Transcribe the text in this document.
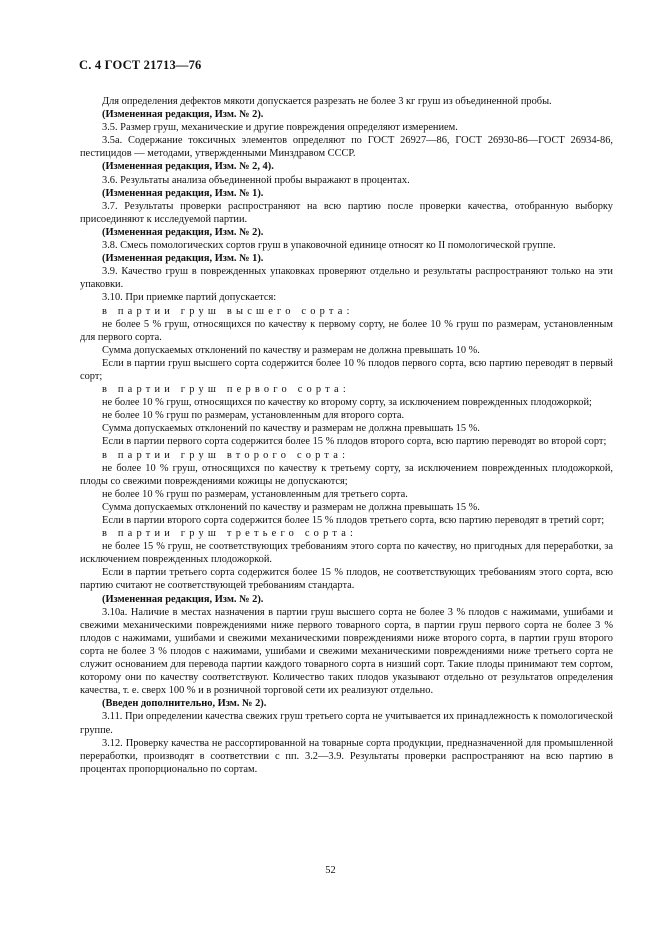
С. 4 ГОСТ 21713—76

Для определения дефектов мякоти допускается разрезать не более 3 кг груш из объединенной пробы.

(Измененная редакция, Изм. № 2).

3.5. Размер груш, механические и другие повреждения определяют измерением.

3.5а. Содержание токсичных элементов определяют по ГОСТ 26927—86, ГОСТ 26930-86—ГОСТ 26934-86, пестицидов — методами, утвержденными Минздравом СССР.

(Измененная редакция, Изм. № 2, 4).

3.6. Результаты анализа объединенной пробы выражают в процентах.

(Измененная редакция, Изм. № 1).

3.7. Результаты проверки распространяют на всю партию после проверки качества, отобранную выборку присоединяют к исследуемой партии.

(Измененная редакция, Изм. № 2).

3.8. Смесь помологических сортов груш в упаковочной единице относят ко II помологической группе.

(Измененная редакция, Изм. № 1).

3.9. Качество груш в поврежденных упаковках проверяют отдельно и результаты распространяют только на эти упаковки.

3.10. При приемке партий допускается:

в партии груш высшего сорта:

не более 5 % груш, относящихся по качеству к первому сорту, не более 10 % груш по размерам, установленным для первого сорта.

Сумма допускаемых отклонений по качеству и размерам не должна превышать 10 %.

Если в партии груш высшего сорта содержится более 10 % плодов первого сорта, всю партию переводят в первый сорт;

в партии груш первого сорта:

не более 10 % груш, относящихся по качеству ко второму сорту, за исключением поврежденных плодожоркой;

не более 10 % груш по размерам, установленным для второго сорта.

Сумма допускаемых отклонений по качеству и размерам не должна превышать 15 %.

Если в партии первого сорта содержится более 15 % плодов второго сорта, всю партию переводят во второй сорт;

в партии груш второго сорта:

не более 10 % груш, относящихся по качеству к третьему сорту, за исключением поврежденных плодожоркой, плоды со свежими повреждениями кожицы не допускаются;

не более 10 % груш по размерам, установленным для третьего сорта.

Сумма допускаемых отклонений по качеству и размерам не должна превышать 15 %.

Если в партии второго сорта содержится более 15 % плодов третьего сорта, всю партию переводят в третий сорт;

в партии груш третьего сорта:

не более 15 % груш, не соответствующих требованиям этого сорта по качеству, но пригодных для переработки, за исключением поврежденных плодожоркой.

Если в партии третьего сорта содержится более 15 % плодов, не соответствующих требованиям этого сорта, всю партию считают не соответствующей требованиям стандарта.

(Измененная редакция, Изм. № 2).

3.10а. Наличие в местах назначения в партии груш высшего сорта не более 3 % плодов с нажимами, ушибами и свежими механическими повреждениями ниже первого товарного сорта, в партии груш первого сорта не более 3 % плодов с нажимами, ушибами и свежими механическими повреждениями ниже второго сорта, в партии груш второго сорта не более 3 % плодов с нажимами, ушибами и свежими механическими повреждениями ниже третьего сорта не служит основанием для перевода партии каждого товарного сорта в низший сорт. Такие плоды принимают тем сортом, которому они по качеству соответствуют. Количество таких плодов указывают отдельно от результатов определения качества, т. е. сверх 100 % и в розничной торговой сети их реализуют отдельно.

(Введен дополнительно, Изм. № 2).

3.11. При определении качества свежих груш третьего сорта не учитывается их принадлежность к помологической группе.

3.12. Проверку качества не рассортированной на товарные сорта продукции, предназначенной для промышленной переработки, производят в соответствии с пп. 3.2—3.9. Результаты проверки распространяют на всю партию в процентах пропорционально по сортам.

52
